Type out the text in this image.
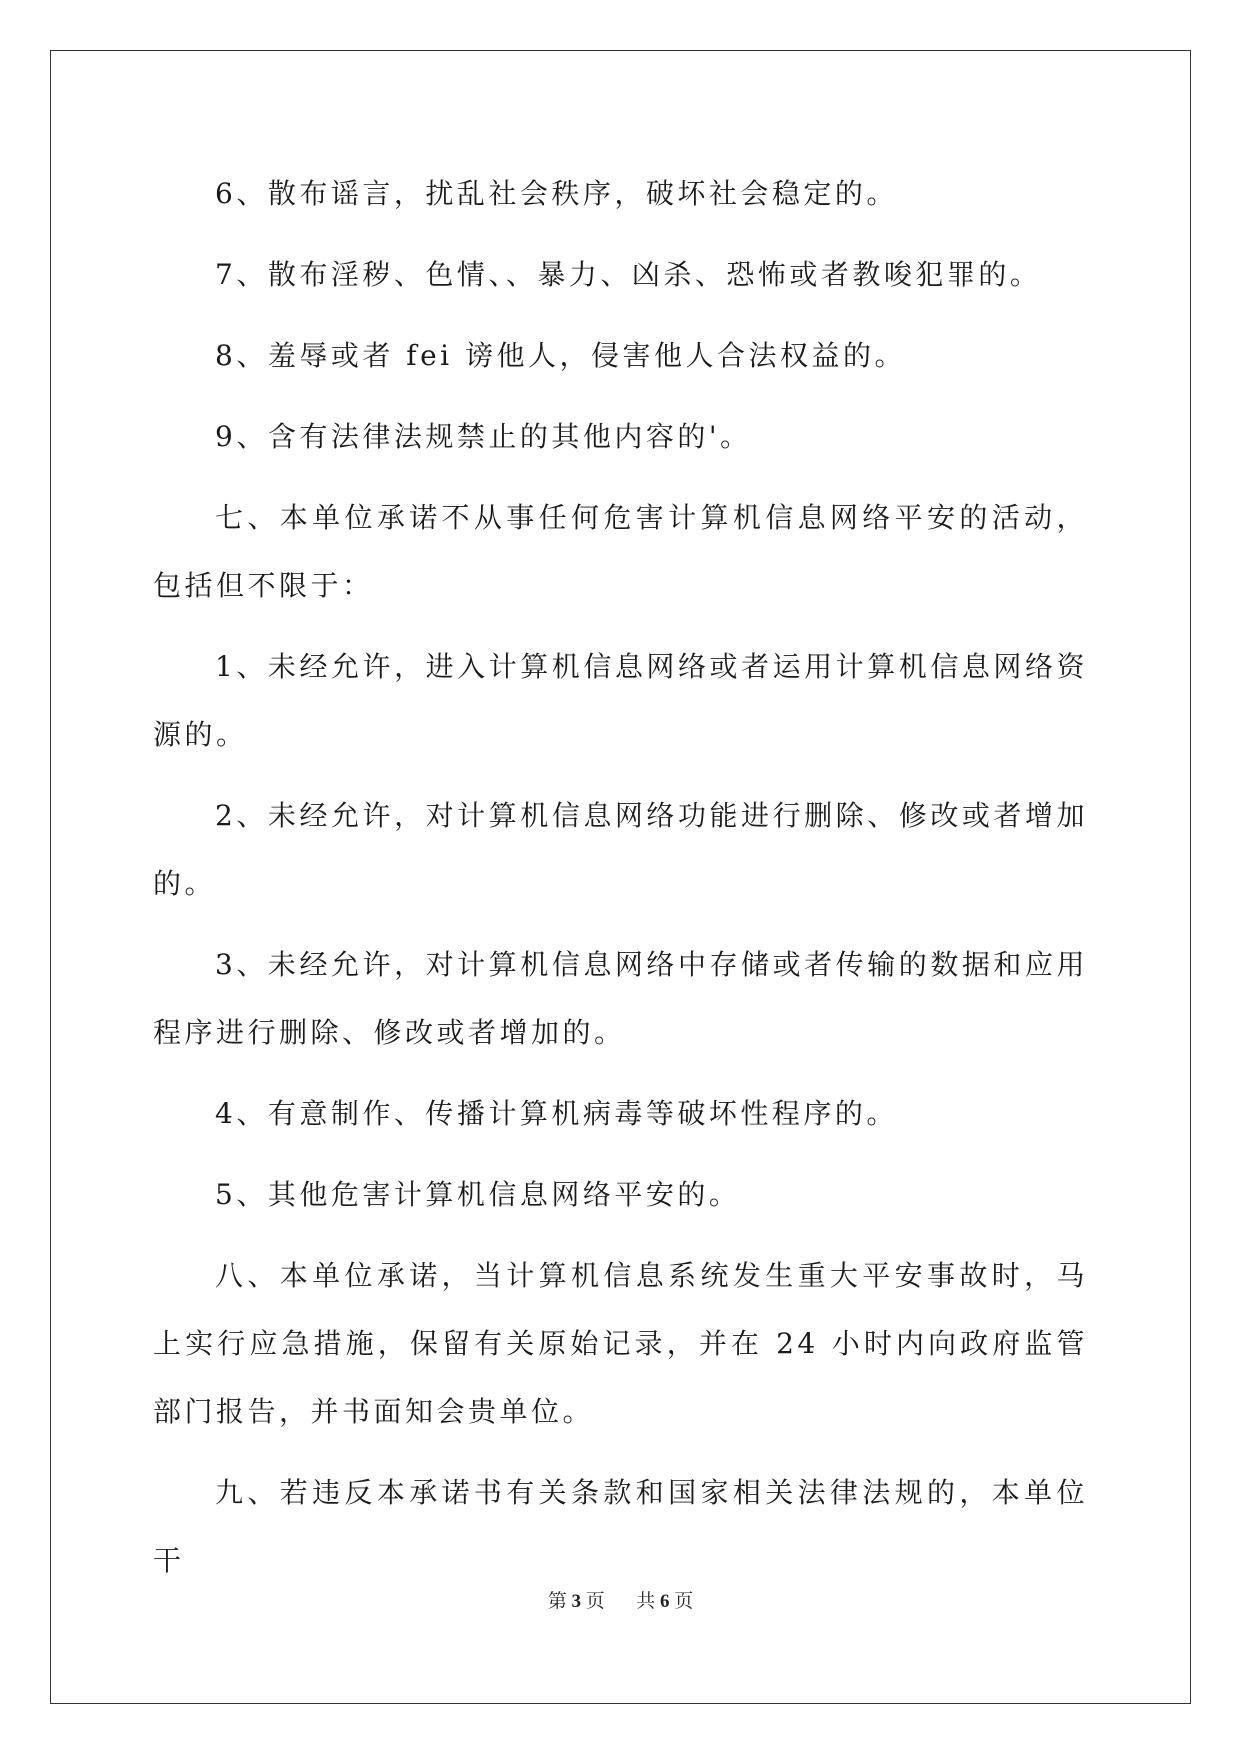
6、散布谣言，扰乱社会秩序，破坏社会稳定的。

7、散布淫秽、色情、、暴力、凶杀、恐怖或者教唆犯罪的。

8、羞辱或者 fei 谤他人，侵害他人合法权益的。

9、含有法律法规禁止的其他内容的'。

七、本单位承诺不从事任何危害计算机信息网络平安的活动，包括但不限于：

1、未经允许，进入计算机信息网络或者运用计算机信息网络资源的。

2、未经允许，对计算机信息网络功能进行删除、修改或者增加的。

3、未经允许，对计算机信息网络中存储或者传输的数据和应用程序进行删除、修改或者增加的。

4、有意制作、传播计算机病毒等破坏性程序的。

5、其他危害计算机信息网络平安的。

八、本单位承诺，当计算机信息系统发生重大平安事故时，马上实行应急措施，保留有关原始记录，并在 24 小时内向政府监管部门报告，并书面知会贵单位。

九、若违反本承诺书有关条款和国家相关法律法规的，本单位干

第 3 页 共 6 页
